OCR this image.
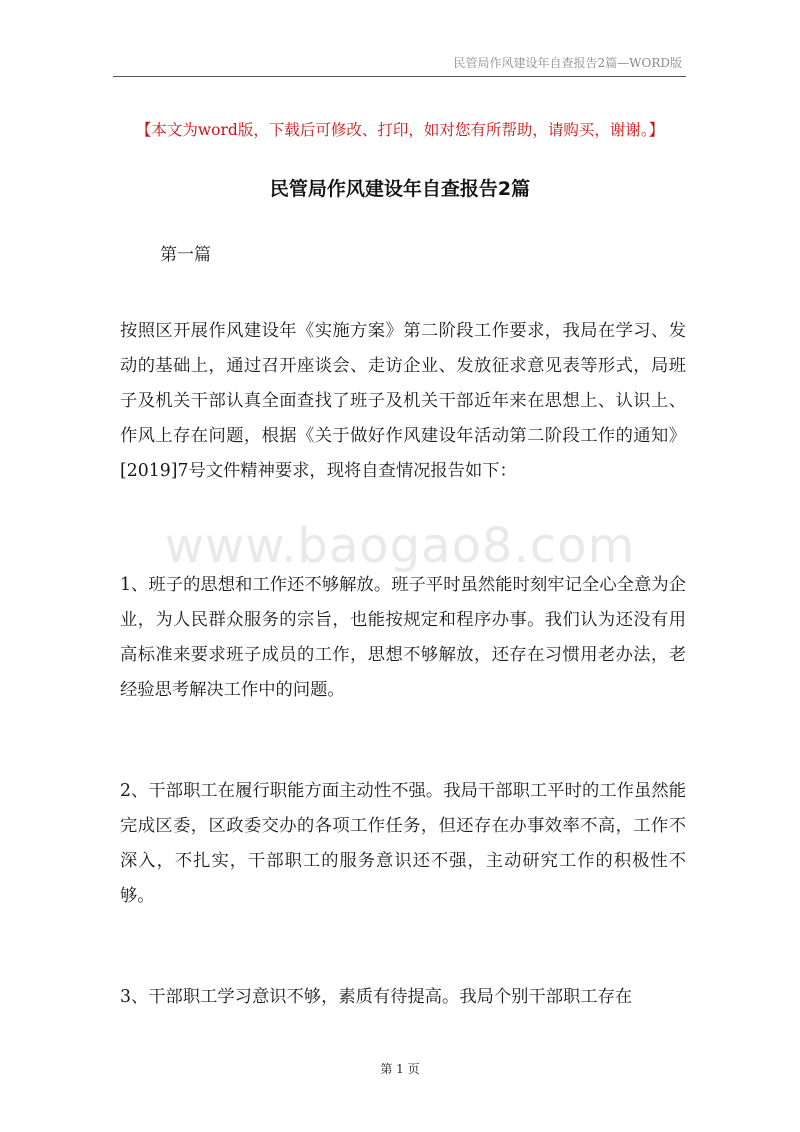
民管局作风建设年自查报告2篇—WORD版
【本文为word版，下载后可修改、打印，如对您有所帮助，请购买，谢谢。】
民管局作风建设年自查报告2篇
第一篇

按照区开展作风建设年《实施方案》第二阶段工作要求，我局在学习、发动的基础上，通过召开座谈会、走访企业、发放征求意见表等形式，局班子及机关干部认真全面查找了班子及机关干部近年来在思想上、认识上、作风上存在问题，根据《关于做好作风建设年活动第二阶段工作的通知》[2019]7号文件精神要求，现将自查情况报告如下：

www.baogao8.com

1、班子的思想和工作还不够解放。班子平时虽然能时刻牢记全心全意为企业，为人民群众服务的宗旨，也能按规定和程序办事。我们认为还没有用高标准来要求班子成员的工作，思想不够解放，还存在习惯用老办法，老经验思考解决工作中的问题。

2、干部职工在履行职能方面主动性不强。我局干部职工平时的工作虽然能完成区委，区政委交办的各项工作任务，但还存在办事效率不高，工作不深入，不扎实，干部职工的服务意识还不强，主动研究工作的积极性不够。

3、干部职工学习意识不够，素质有待提高。我局个别干部职工存在

第 1 页
